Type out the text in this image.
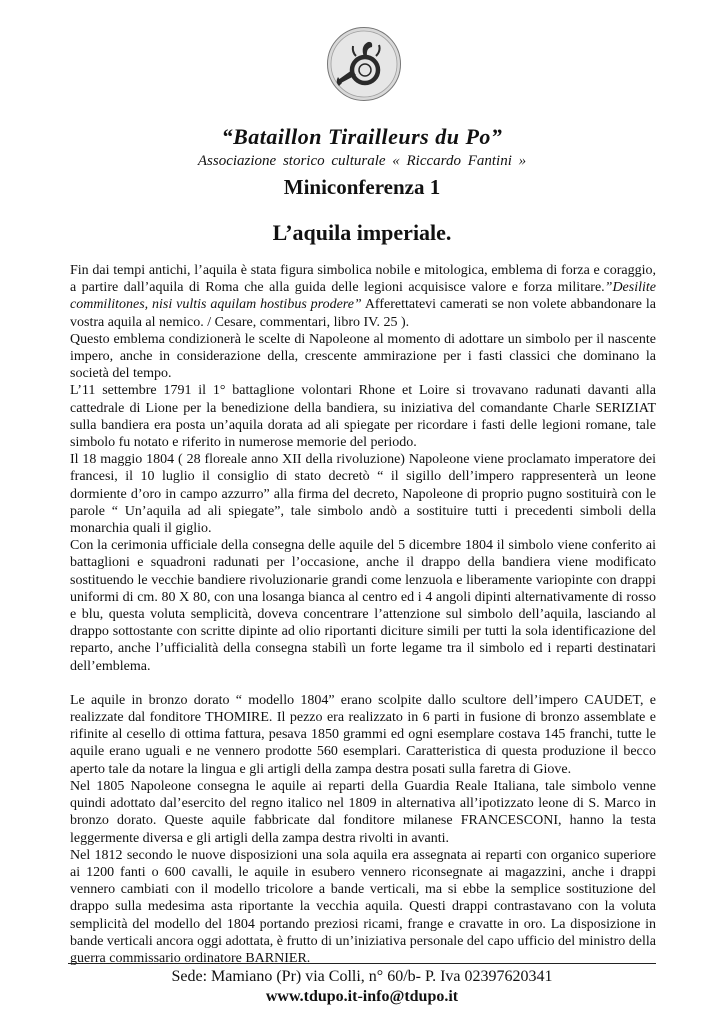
“Bataillon Tirailleurs du Po”
Associazione storico culturale « Riccardo Fantini »
Miniconferenza 1
L’aquila imperiale.

Fin dai tempi antichi, l’aquila è stata figura simbolica nobile e mitologica, emblema di forza e coraggio, a partire dall’aquila di Roma che alla guida delle legioni acquisisce valore e forza militare.”Desilite commilitones, nisi vultis aquilam hostibus prodere” Afferettatevi camerati se non volete abbandonare la vostra aquila al nemico. / Cesare, commentari, libro IV. 25 ).

Questo emblema condizionerà le scelte di Napoleone al momento di adottare un simbolo per il nascente impero, anche in considerazione della, crescente ammirazione per i fasti classici che dominano la società del tempo.

L’11 settembre 1791 il 1° battaglione volontari Rhone et Loire si trovavano radunati davanti alla cattedrale di Lione per la benedizione della bandiera, su iniziativa del comandante Charle SERIZIAT sulla bandiera era posta un’aquila dorata ad ali spiegate per ricordare i fasti delle legioni romane, tale simbolo fu notato e riferito in numerose memorie del periodo.

Il 18 maggio 1804 ( 28 floreale anno XII della rivoluzione) Napoleone viene proclamato imperatore dei francesi, il 10 luglio il consiglio di stato decretò “ il sigillo dell’impero rappresenterà un leone dormiente d’oro in campo azzurro” alla firma del decreto, Napoleone di proprio pugno sostituirà con le parole “ Un’aquila ad ali spiegate”, tale simbolo andò a sostituire tutti i precedenti simboli della monarchia quali il giglio.

Con la cerimonia ufficiale della consegna delle aquile del 5 dicembre 1804 il simbolo viene conferito ai battaglioni e squadroni radunati per l’occasione, anche il drappo della bandiera viene modificato sostituendo le vecchie bandiere rivoluzionarie grandi come lenzuola e liberamente variopinte con drappi uniformi di cm. 80 X 80, con una losanga bianca al centro ed i 4 angoli dipinti alternativamente di rosso e blu, questa voluta semplicità, doveva concentrare l’attenzione sul simbolo dell’aquila, lasciando al drappo sottostante con scritte dipinte ad olio riportanti diciture simili per tutti la sola identificazione del reparto, anche l’ufficialità della consegna stabilì un forte legame tra il simbolo ed i reparti destinatari dell’emblema.

Le aquile in bronzo dorato “ modello 1804” erano scolpite dallo scultore dell’impero CAUDET, e realizzate dal fonditore THOMIRE. Il pezzo era realizzato in 6 parti in fusione di bronzo assemblate e rifinite al cesello di ottima fattura, pesava 1850 grammi ed ogni esemplare costava 145 franchi, tutte le aquile erano uguali e ne vennero prodotte 560 esemplari. Caratteristica di questa produzione il becco aperto tale da notare la lingua e gli artigli della zampa destra posati sulla faretra di Giove.

Nel 1805 Napoleone consegna le aquile ai reparti della Guardia Reale Italiana, tale simbolo venne quindi adottato dal’esercito del regno italico nel 1809 in alternativa all’ipotizzato leone di S. Marco in bronzo dorato. Queste aquile fabbricate dal fonditore milanese FRANCESCONI, hanno la testa leggermente diversa e gli artigli della zampa destra rivolti in avanti.

Nel 1812 secondo le nuove disposizioni una sola aquila era assegnata ai reparti con organico superiore ai 1200 fanti o 600 cavalli, le aquile in esubero vennero riconsegnate ai magazzini, anche i drappi vennero cambiati con il modello tricolore a bande verticali, ma si ebbe la semplice sostituzione del drappo sulla medesima asta riportante la vecchia aquila. Questi drappi contrastavano con la voluta semplicità del modello del 1804 portando preziosi ricami, frange e cravatte in oro. La disposizione in bande verticali ancora oggi adottata, è frutto di un’iniziativa personale del capo ufficio del ministro della guerra commissario ordinatore BARNIER.

Sede: Mamiano (Pr) via Colli, n° 60/b- P. Iva 02397620341
www.tdupo.it-info@tdupo.it
